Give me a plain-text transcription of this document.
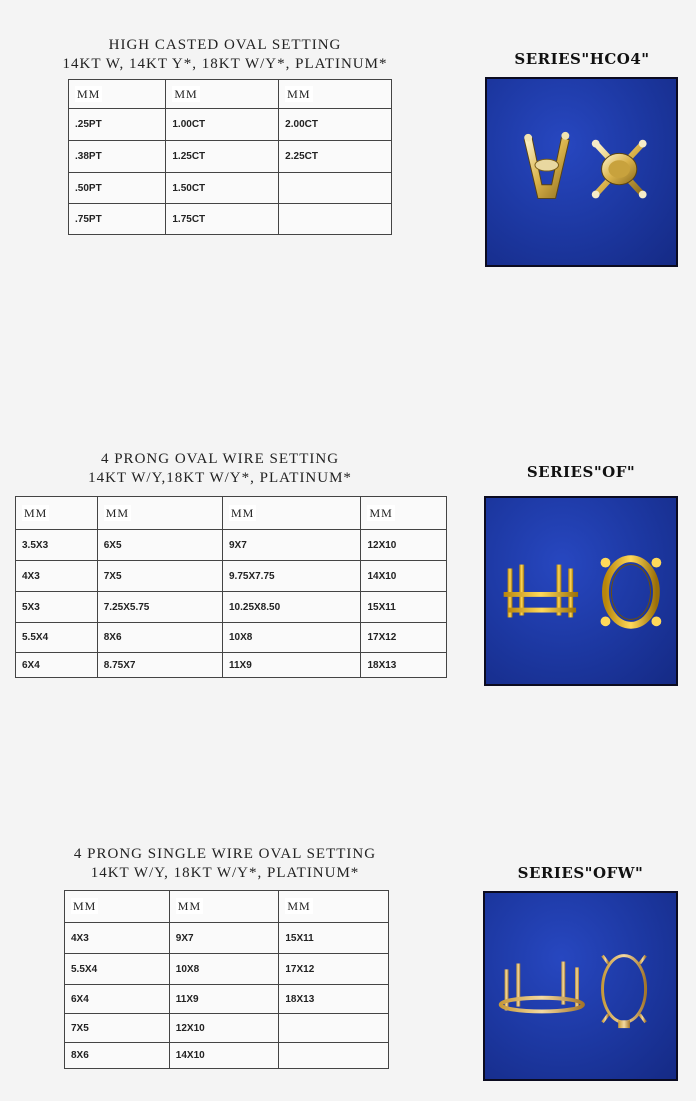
HIGH CASTED OVAL SETTING
14KT W, 14KT Y*, 18KT W/Y*, PLATINUM*
MM	MM	MM
.25PT	1.00CT	2.00CT
.38PT	1.25CT	2.25CT
.50PT	1.50CT	
.75PT	1.75CT	
SERIES"HCO4"
4 PRONG OVAL WIRE SETTING
14KT W/Y,18KT W/Y*, PLATINUM*
MM	MM	MM	MM
3.5X3	6X5	9X7	12X10
4X3	7X5	9.75X7.75	14X10
5X3	7.25X5.75	10.25X8.50	15X11
5.5X4	8X6	10X8	17X12
6X4	8.75X7	11X9	18X13
SERIES"OF"
4 PRONG SINGLE WIRE OVAL SETTING
14KT W/Y, 18KT W/Y*, PLATINUM*
MM	MM	MM
4X3	9X7	15X11
5.5X4	10X8	17X12
6X4	11X9	18X13
7X5	12X10	
8X6	14X10	
SERIES"OFW"
